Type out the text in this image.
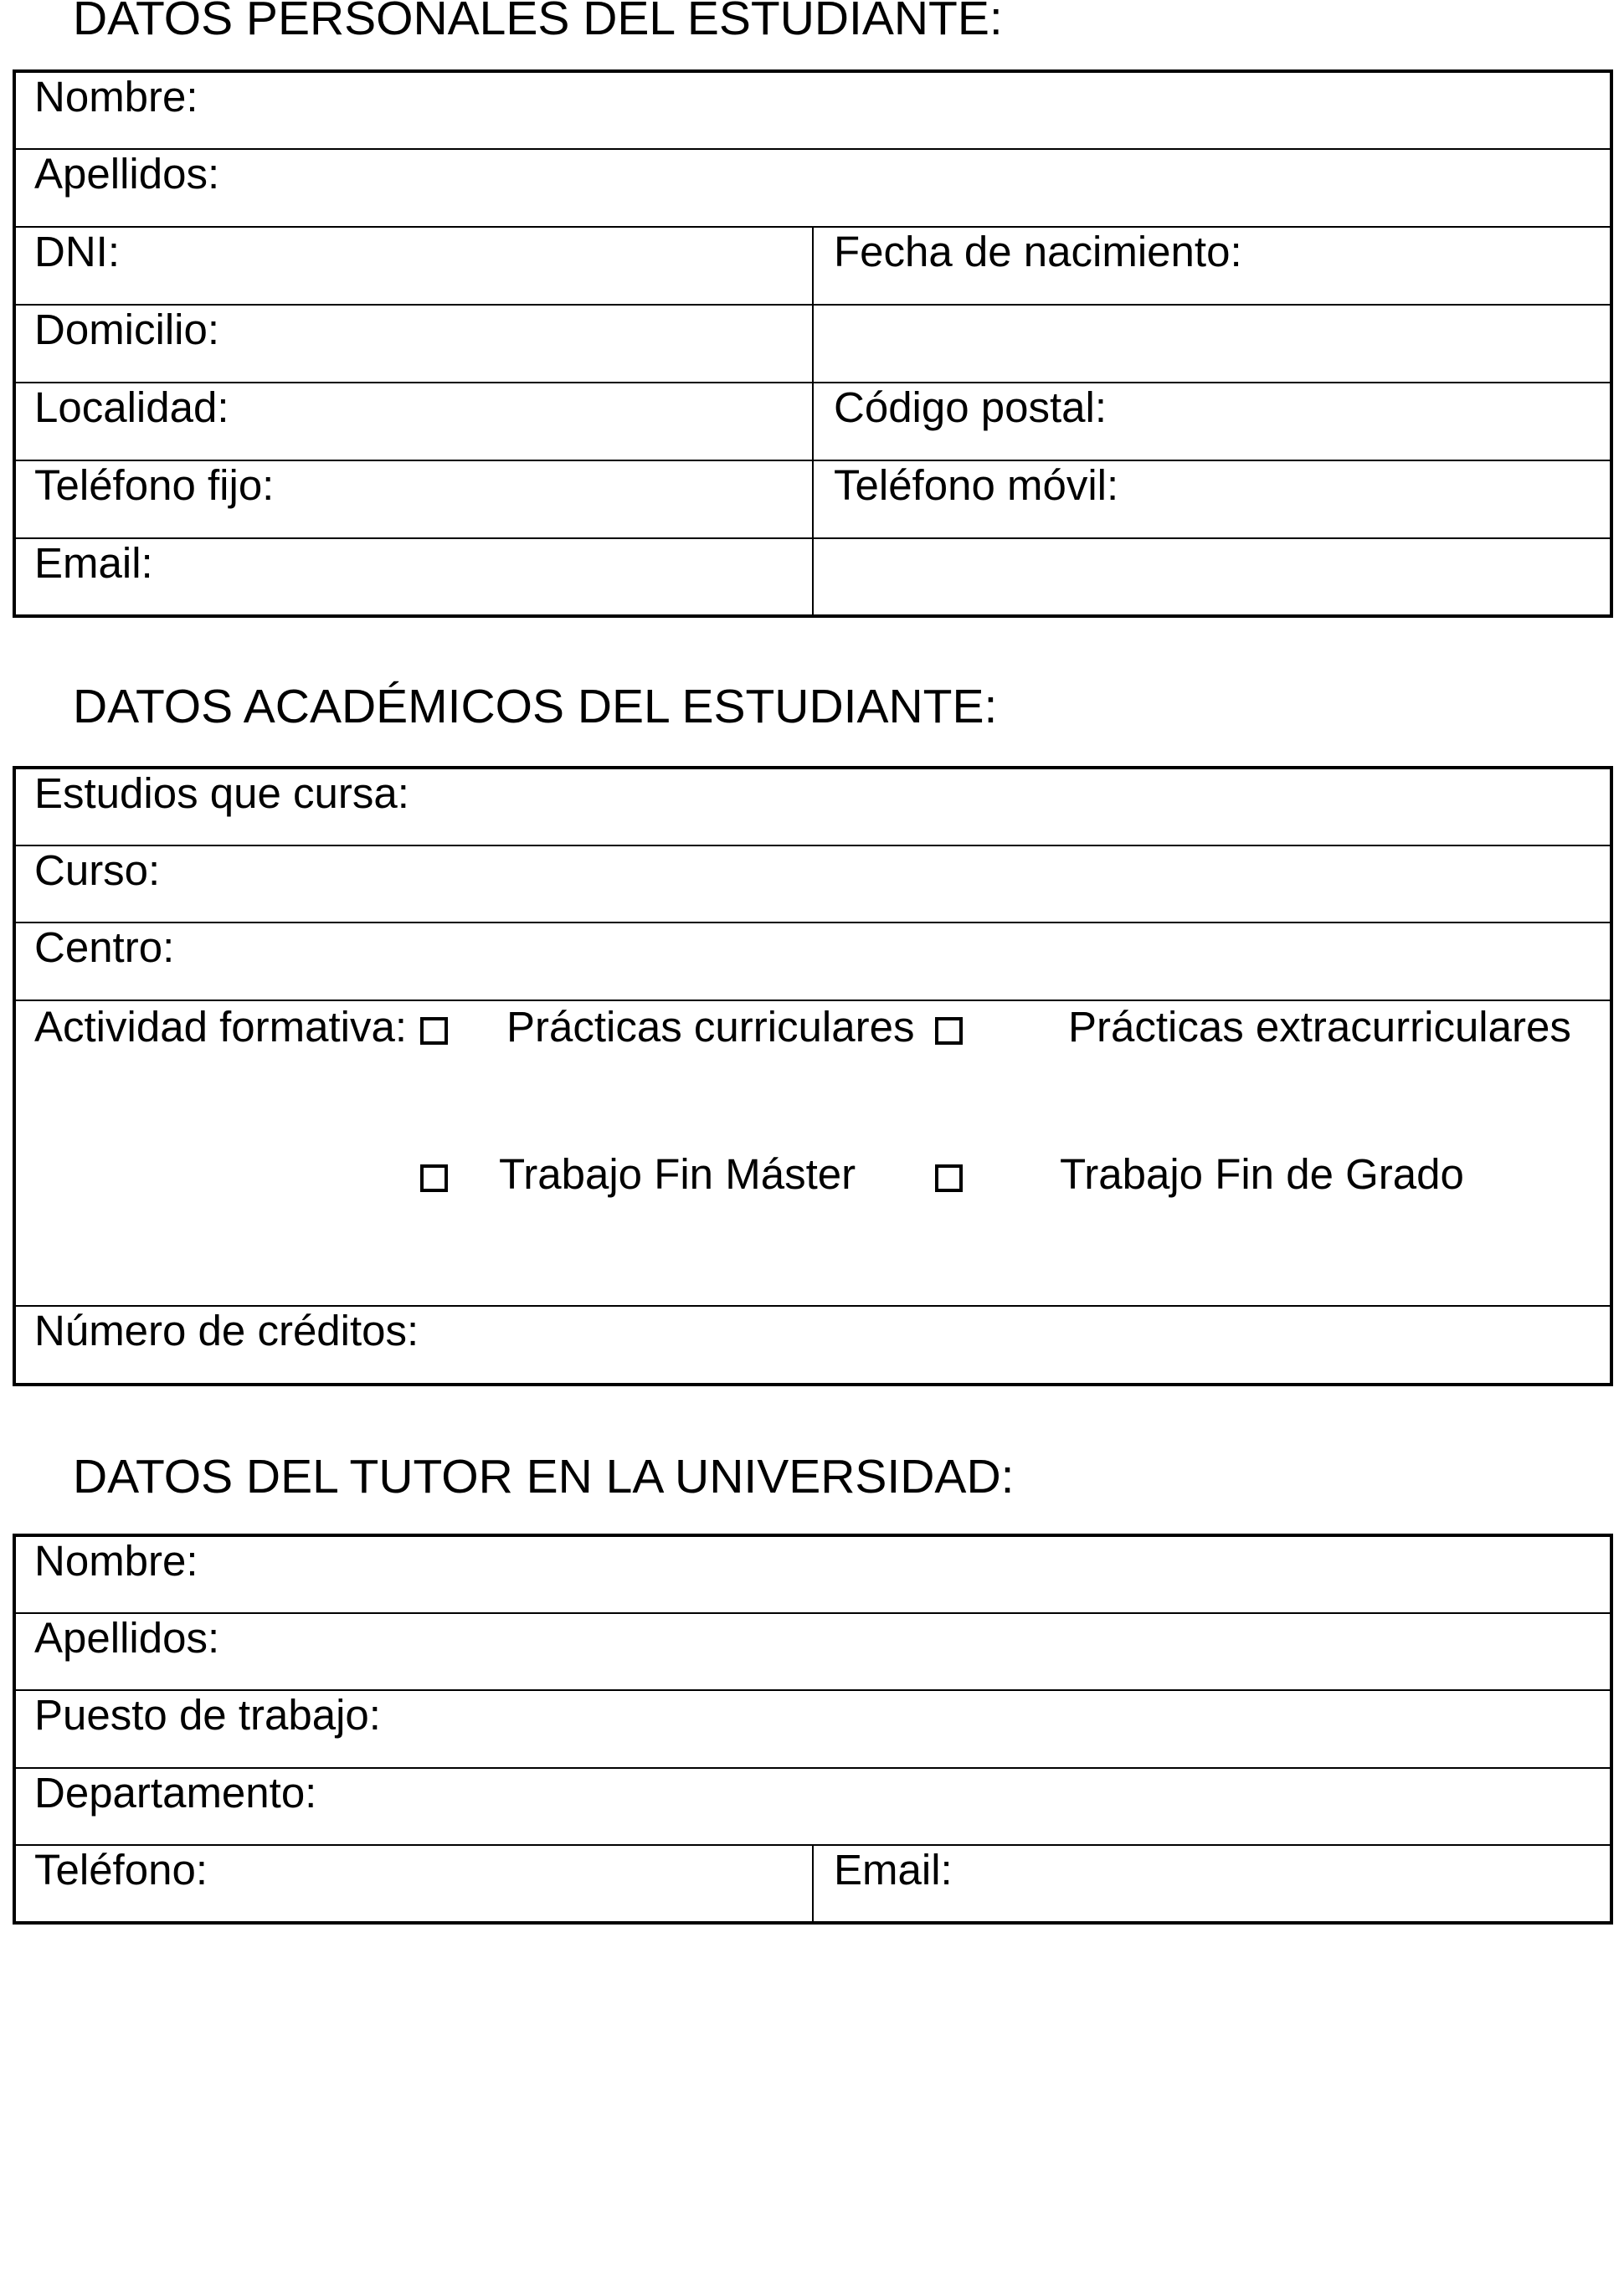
DATOS PERSONALES DEL ESTUDIANTE:
Nombre:	
Apellidos:	
DNI:	Fecha de nacimiento:
Domicilio:	
Localidad:	Código postal:
Teléfono fijo:	Teléfono móvil:
Email:	
DATOS ACADÉMICOS DEL ESTUDIANTE:
Estudios que cursa:
Curso:
Centro:

Actividad formativa: Prácticas curriculares	Prácticas extracurriculares
Trabajo Fin Máster	Trabajo Fin de Grado

Número de créditos:
DATOS DEL TUTOR EN LA UNIVERSIDAD:
Nombre:
Apellidos:
Puesto de trabajo:
Departamento:
Teléfono:	Email:
